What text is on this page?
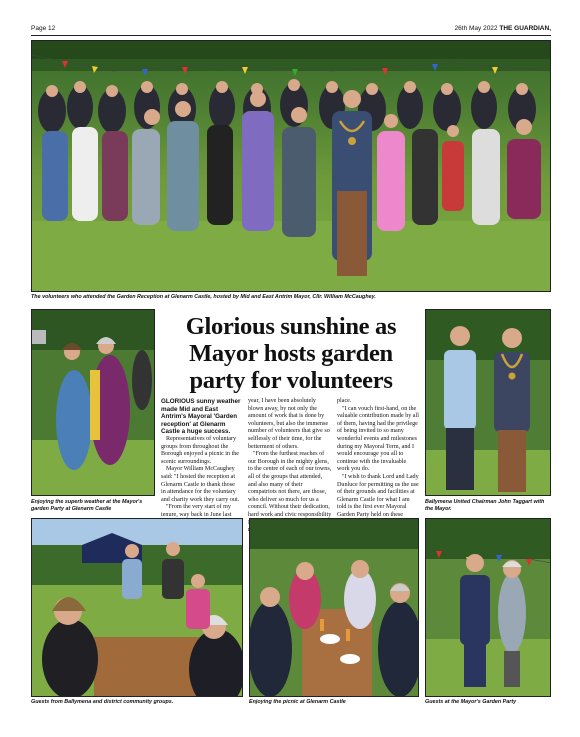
Page 12	26th May 2022 THE GUARDIAN,
The volunteers who attended the Garden Reception at Glenarm Castle, hosted by Mid and East Antrim Mayor, Cllr. William McCaughey.
Enjoying the superb weather at the Mayor's garden Party at Glenarm Castle
Glorious sunshine as Mayor hosts garden party for volunteers

GLORIOUS sunny weather made Mid and East Antrim's Mayoral 'Garden reception' at Glenarm Castle a huge success.

Representatives of voluntary groups from throughout the Borough enjoyed a picnic in the scenic surroundings.

Mayor William McCaughey said: "I hosted the reception at Glenarm Castle to thank those in attendance for the voluntary and charity work they carry out.

"From the very start of my tenure, way back in June last

year, I have been absolutely blown away, by not only the amount of work that is done by volunteers, but also the immense number of volunteers that give so selflessly of their time, for the betterment of others.

"From the furthest reaches of our Borough in the mighty glens, to the centre of each of our towns, all of the groups that attended, and also many of their compatriots not there, are those, who deliver so much for us a council. Without their dedication, hard work and civic responsibility

place.

"I can vouch first-hand, on the valuable contribution made by all of them, having had the privilege of being invited to so many wonderful events and milestones during my Mayoral Term, and I would encourage you all to continue with the invaluable work you do.

"I wish to thank Lord and Lady Dunluce for permitting us the use of their grounds and facilities at Glenarm Castle for what I am told is the first ever Mayoral Garden Party held on these

Ballymena United Chairman John Taggart with the Mayor.
Guests from Ballymena and district community groups.	Enjoying the picnic at Glenarm Castle	Guests at the Mayor's Garden Party
